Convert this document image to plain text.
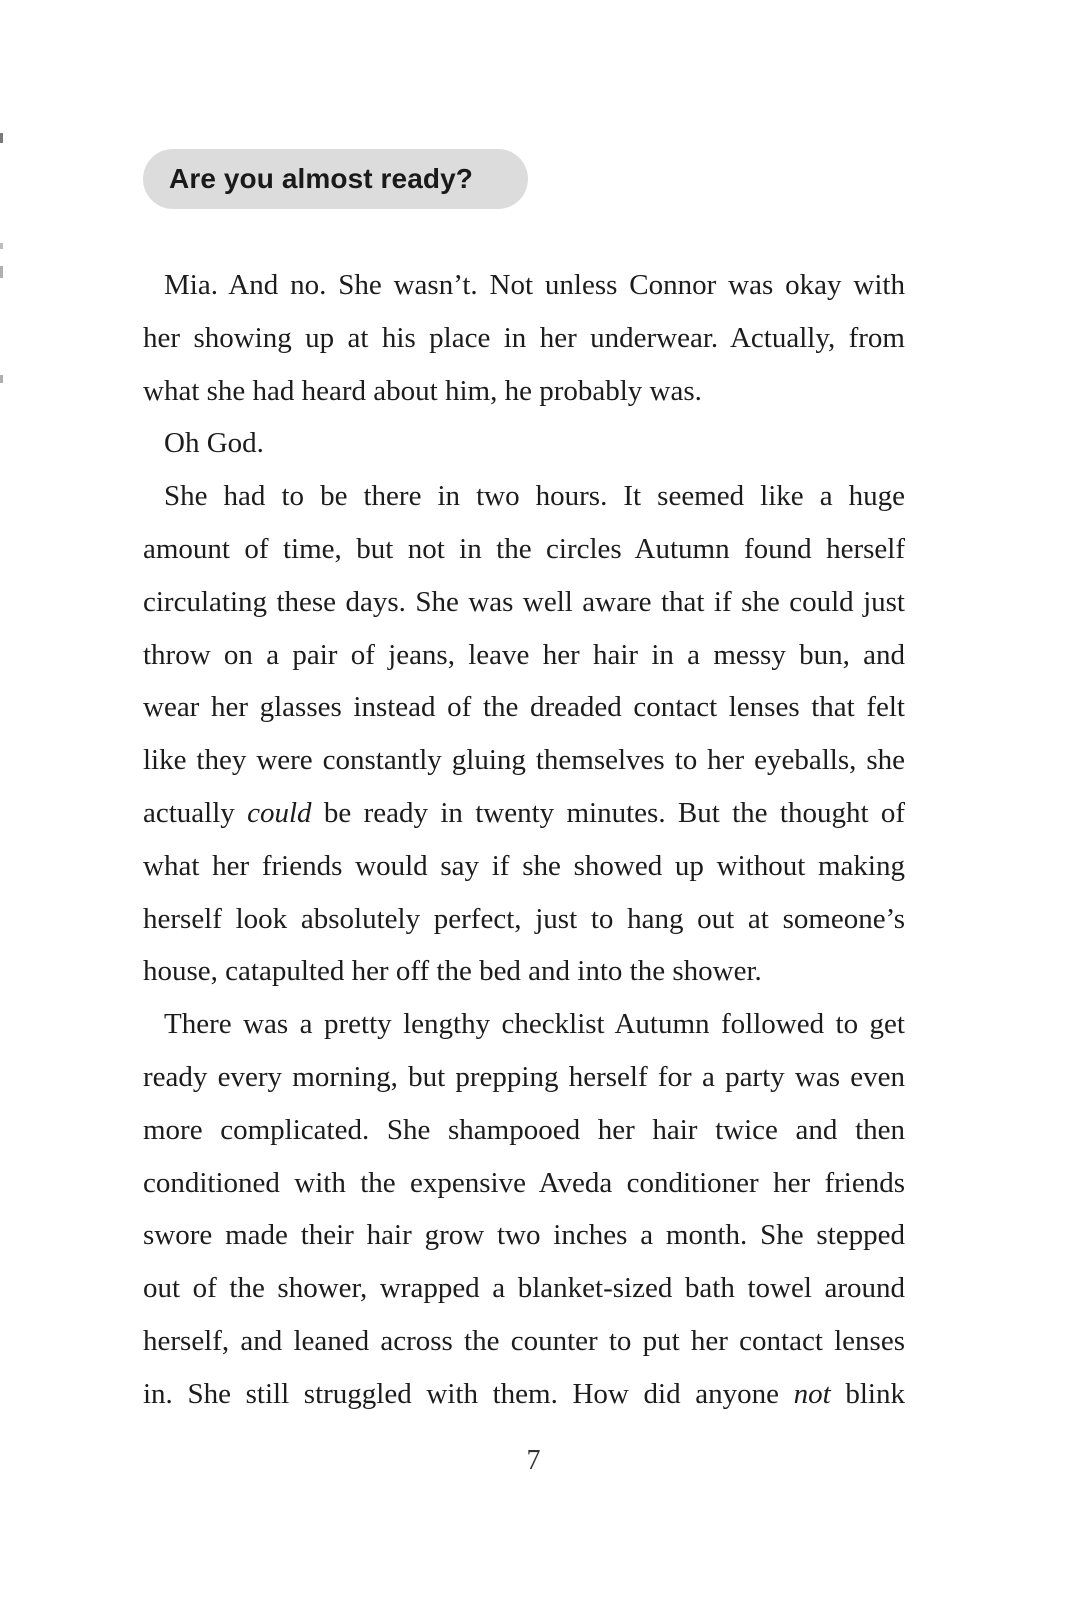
Are you almost ready?

Mia. And no. She wasn’t. Not unless Connor was okay with
her showing up at his place in her underwear. Actually, from
what she had heard about him, he probably was.

Oh God.

She had to be there in two hours. It seemed like a huge
amount of time, but not in the circles Autumn found herself
circulating these days. She was well aware that if she could just
throw on a pair of jeans, leave her hair in a messy bun, and
wear her glasses instead of the dreaded contact lenses that felt
like they were constantly gluing themselves to her eyeballs, she
actually could be ready in twenty minutes. But the thought of
what her friends would say if she showed up without making
herself look absolutely perfect, just to hang out at someone’s
house, catapulted her off the bed and into the shower.

There was a pretty lengthy checklist Autumn followed to get
ready every morning, but prepping herself for a party was even
more complicated. She shampooed her hair twice and then
conditioned with the expensive Aveda conditioner her friends
swore made their hair grow two inches a month. She stepped
out of the shower, wrapped a blanket-sized bath towel around
herself, and leaned across the counter to put her contact lenses
in. She still struggled with them. How did anyone not blink

7
